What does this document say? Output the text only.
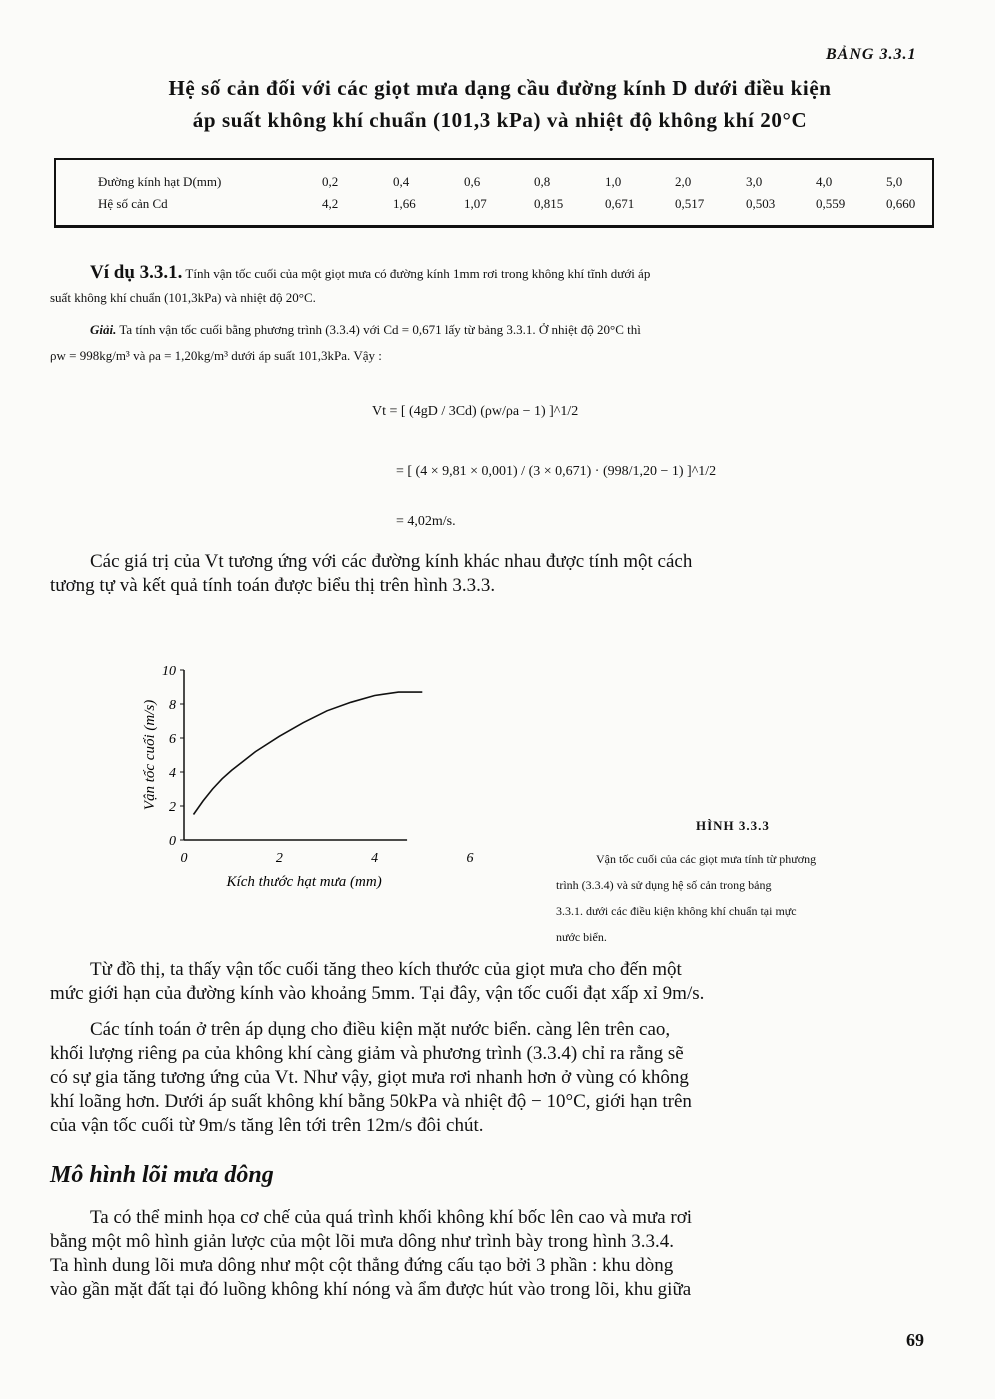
BẢNG 3.3.1
Hệ số cản đối với các giọt mưa dạng cầu đường kính D dưới điều kiện
áp suất không khí chuẩn (101,3 kPa) và nhiệt độ không khí 20°C
Đường kính hạt D(mm)	0,2	0,4	0,6	0,8	1,0	2,0	3,0	4,0	5,0
Hệ số cản Cd	4,2	1,66	1,07	0,815	0,671	0,517	0,503	0,559	0,660
Ví dụ 3.3.1. Tính vận tốc cuối của một giọt mưa có đường kính 1mm rơi trong không khí tĩnh dưới áp
suất không khí chuẩn (101,3kPa) và nhiệt độ 20°C.
Giải. Ta tính vận tốc cuối bằng phương trình (3.3.4) với Cd = 0,671 lấy từ bảng 3.3.1. Ở nhiệt độ 20°C thì
ρw = 998kg/m³ và ρa = 1,20kg/m³ dưới áp suất 101,3kPa. Vậy :
Vt = [ (4gD / 3Cd) (ρw/ρa − 1) ]^1/2
= [ (4 × 9,81 × 0,001) / (3 × 0,671) · (998/1,20 − 1) ]^1/2
= 4,02m/s.
Các giá trị của Vt tương ứng với các đường kính khác nhau được tính một cách
tương tự và kết quả tính toán được biểu thị trên hình 3.3.3.
0	2	4	6
0
2
4
6
8
10
Kích thước hạt mưa (mm)
Vận tốc cuối (m/s)
HÌNH 3.3.3
Vận tốc cuối của các giọt mưa tính từ phương
trình (3.3.4) và sử dụng hệ số cản trong bảng
3.3.1. dưới các điều kiện không khí chuẩn tại mực
nước biển.
Từ đồ thị, ta thấy vận tốc cuối tăng theo kích thước của giọt mưa cho đến một
mức giới hạn của đường kính vào khoảng 5mm. Tại đây, vận tốc cuối đạt xấp xỉ 9m/s.
Các tính toán ở trên áp dụng cho điều kiện mặt nước biển. càng lên trên cao,
khối lượng riêng ρa của không khí càng giảm và phương trình (3.3.4) chỉ ra rằng sẽ
có sự gia tăng tương ứng của Vt. Như vậy, giọt mưa rơi nhanh hơn ở vùng có không
khí loãng hơn. Dưới áp suất không khí bằng 50kPa và nhiệt độ − 10°C, giới hạn trên
của vận tốc cuối từ 9m/s tăng lên tới trên 12m/s đôi chút.
Mô hình lõi mưa dông
Ta có thể minh họa cơ chế của quá trình khối không khí bốc lên cao và mưa rơi
bằng một mô hình giản lược của một lõi mưa dông như trình bày trong hình 3.3.4.
Ta hình dung lõi mưa dông như một cột thẳng đứng cấu tạo bởi 3 phần : khu dòng
vào gần mặt đất tại đó luồng không khí nóng và ẩm được hút vào trong lõi, khu giữa
69
